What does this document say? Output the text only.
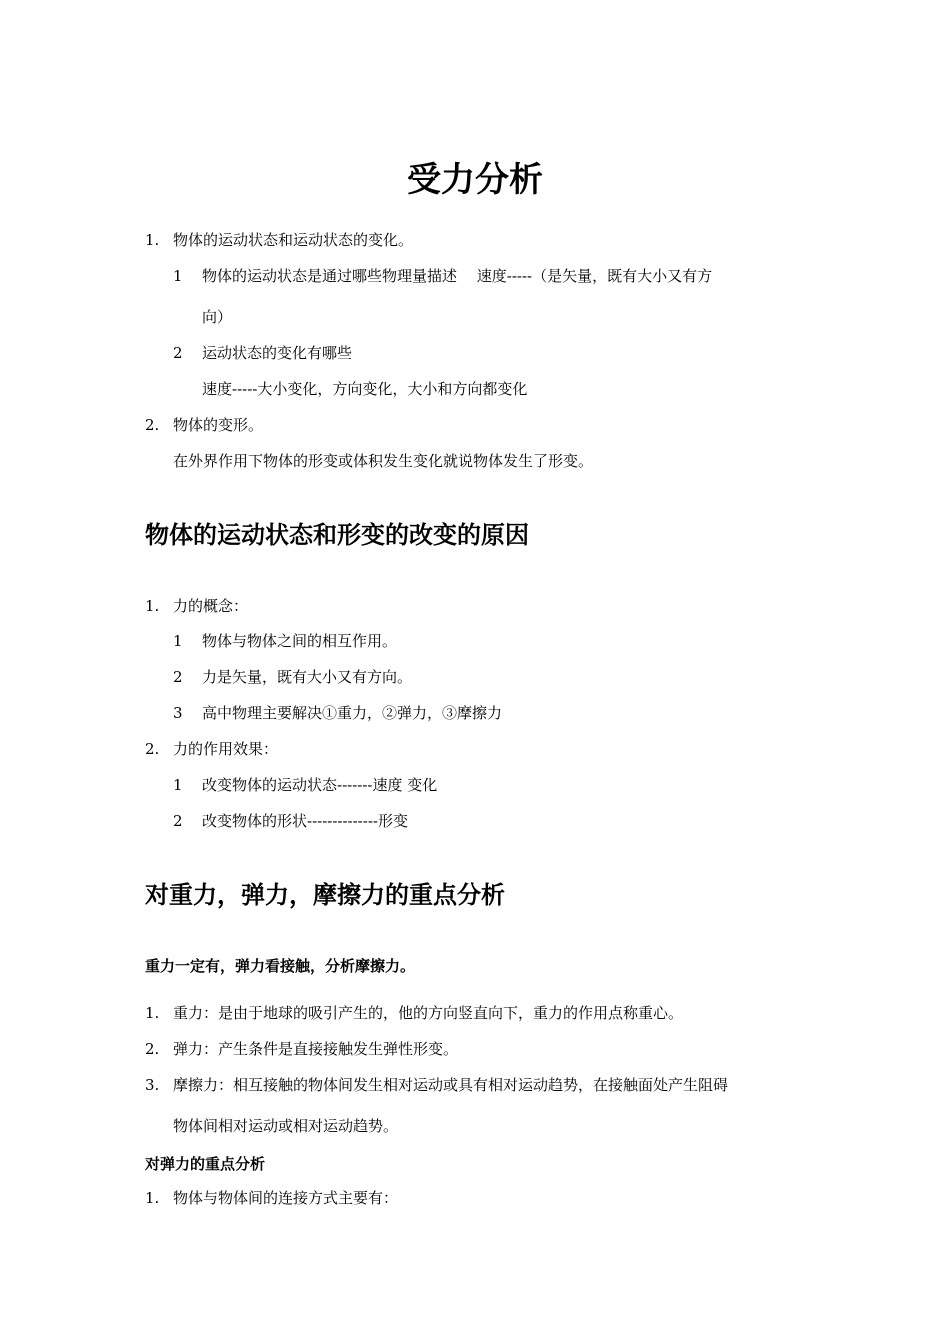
受力分析
1. 物体的运动状态和运动状态的变化。
1 物体的运动状态是通过哪些物理量描述　 速度-----（是矢量，既有大小又有方
向）
2 运动状态的变化有哪些
速度-----大小变化，方向变化，大小和方向都变化
2. 物体的变形。
在外界作用下物体的形变或体积发生变化就说物体发生了形变。
物体的运动状态和形变的改变的原因
1. 力的概念：
1 物体与物体之间的相互作用。
2 力是矢量，既有大小又有方向。
3 高中物理主要解决①重力，②弹力，③摩擦力
2. 力的作用效果：
1 改变物体的运动状态-------速度 变化
2 改变物体的形状--------------形变
对重力，弹力，摩擦力的重点分析
重力一定有，弹力看接触，分析摩擦力。
1. 重力：是由于地球的吸引产生的，他的方向竖直向下，重力的作用点称重心。
2. 弹力：产生条件是直接接触发生弹性形变。
3. 摩擦力：相互接触的物体间发生相对运动或具有相对运动趋势，在接触面处产生阻碍
物体间相对运动或相对运动趋势。
对弹力的重点分析
1. 物体与物体间的连接方式主要有：
